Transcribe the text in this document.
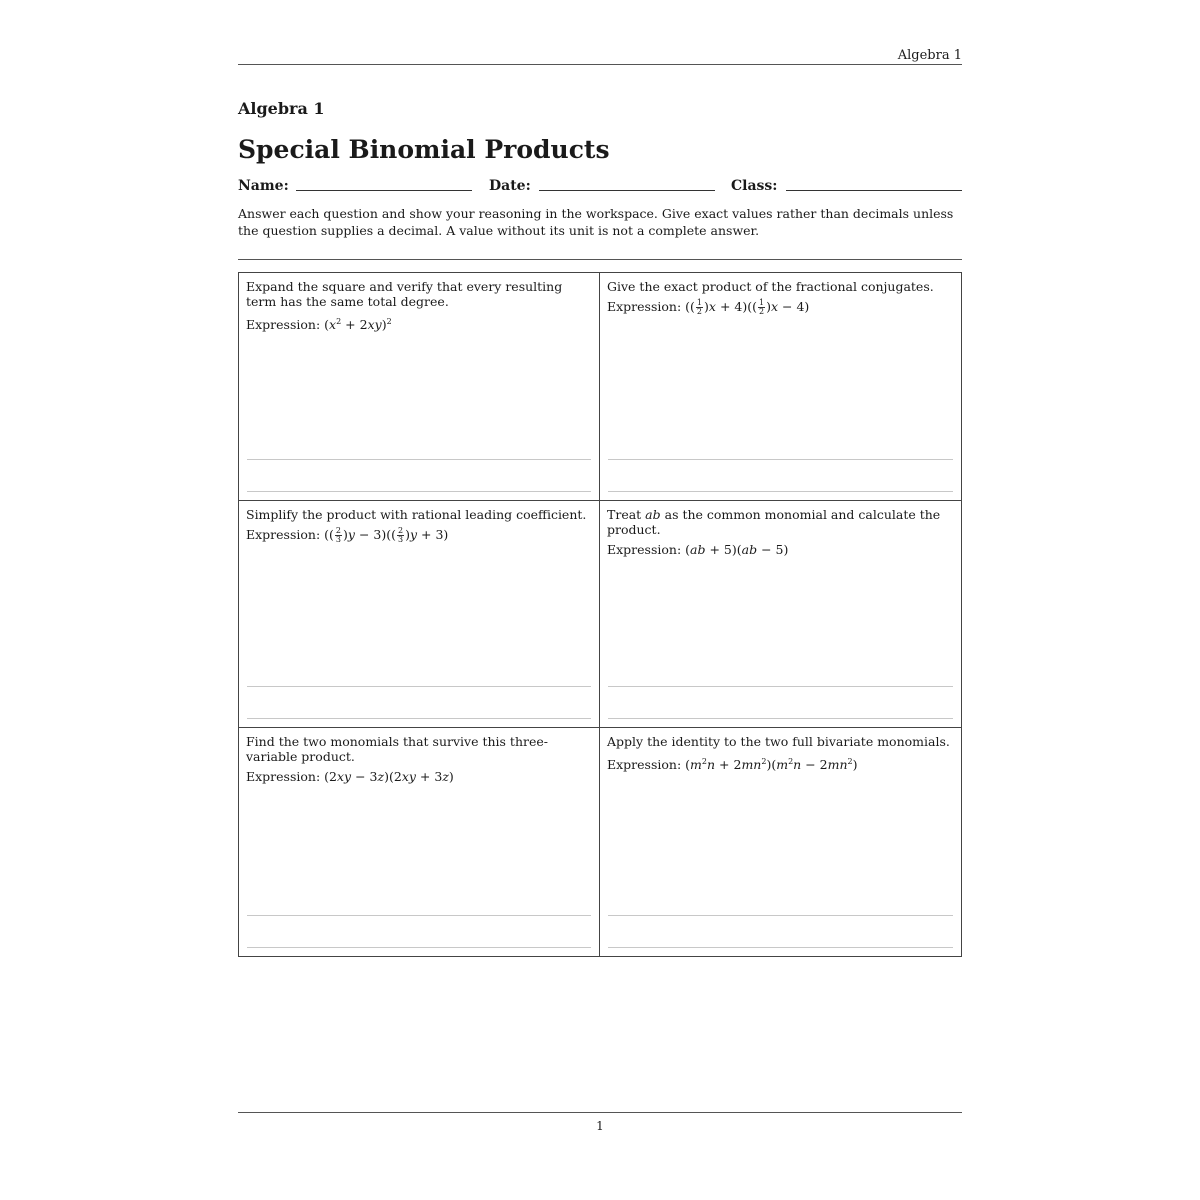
Algebra 1
Algebra 1
Special Binomial Products
Name:	Date:	Class:
Answer each question and show your reasoning in the workspace. Give exact values rather than decimals unless the question supplies a decimal. A value without its unit is not a complete answer.

Expand the square and verify that every resulting term has the same total degree.

Expression: $(x^2 + 2xy)^2$

Give the exact product of the fractional conjugates.

Expression: (( $\frac{1}{2} )x + 4)(( \frac{1}{2} )x - 4)$

Simplify the product with rational leading coefficient.

Expression: (( $\frac{2}{3} )y - 3)(( \frac{2}{3} )y + 3)$

Treat ab as the common monomial and calculate the product.

Expression: (ab + 5)(ab − 5)

Find the two monomials that survive this three-variable product.

Expression: (2xy − 3z)(2xy + 3z)

Apply the identity to the two full bivariate monomials.

Expression: $(m^2n + 2mn^2)(m^2n - 2mn^2)$

1
